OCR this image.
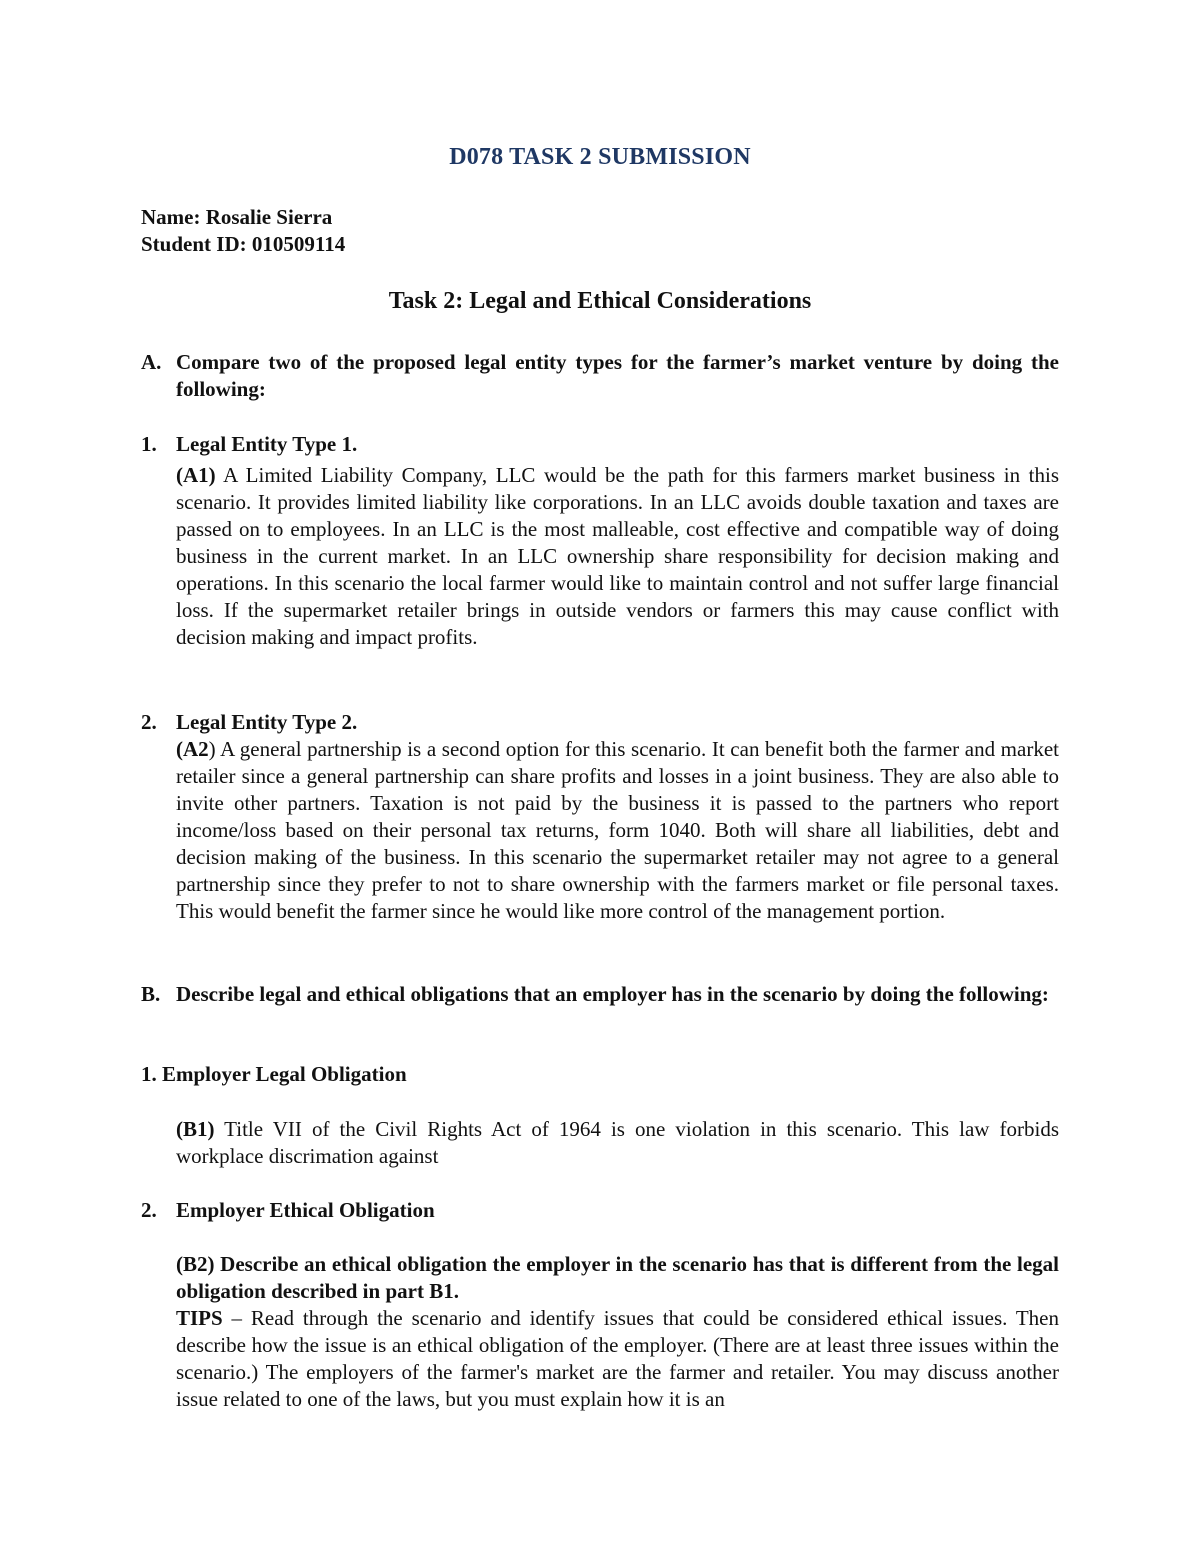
D078 TASK 2 SUBMISSION
Name: Rosalie Sierra
Student ID: 010509114
Task 2: Legal and Ethical Considerations
A. Compare two of the proposed legal entity types for the farmer’s market venture by doing the following:
1. Legal Entity Type 1.
(A1) A Limited Liability Company, LLC would be the path for this farmers market business in this scenario. It provides limited liability like corporations. In an LLC avoids double taxation and taxes are passed on to employees. In an LLC is the most malleable, cost effective and compatible way of doing business in the current market. In an LLC ownership share responsibility for decision making and operations. In this scenario the local farmer would like to maintain control and not suffer large financial loss. If the supermarket retailer brings in outside vendors or farmers this may cause conflict with decision making and impact profits.
2. Legal Entity Type 2.
(A2) A general partnership is a second option for this scenario. It can benefit both the farmer and market retailer since a general partnership can share profits and losses in a joint business. They are also able to invite other partners. Taxation is not paid by the business it is passed to the partners who report income/loss based on their personal tax returns, form 1040. Both will share all liabilities, debt and decision making of the business. In this scenario the supermarket retailer may not agree to a general partnership since they prefer to not to share ownership with the farmers market or file personal taxes. This would benefit the farmer since he would like more control of the management portion.
B. Describe legal and ethical obligations that an employer has in the scenario by doing the following:
1. Employer Legal Obligation
(B1) Title VII of the Civil Rights Act of 1964 is one violation in this scenario. This law forbids workplace discrimation against
2. Employer Ethical Obligation
(B2) Describe an ethical obligation the employer in the scenario has that is different from the legal obligation described in part B1.
TIPS – Read through the scenario and identify issues that could be considered ethical issues. Then describe how the issue is an ethical obligation of the employer. (There are at least three issues within the scenario.) The employers of the farmer's market are the farmer and retailer. You may discuss another issue related to one of the laws, but you must explain how it is an
